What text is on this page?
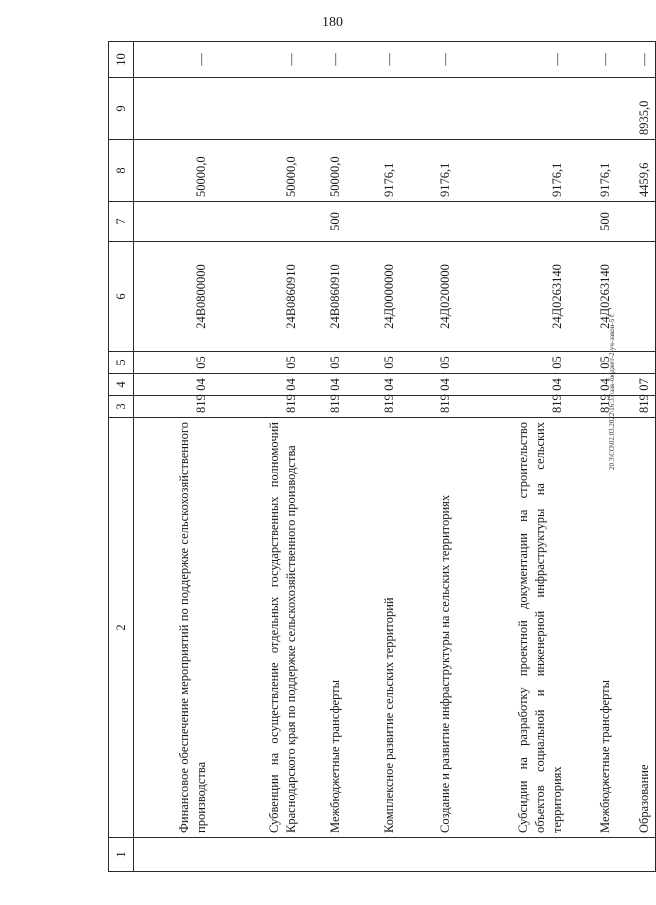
180
20.3\CO\02.03.2022\16:37\зак-бюджет-2-уч-закон-5 с
1	2	3	4	5	6	7	8	9	10
	Финансовое обеспечение мероприятий по поддержке сельскохозяйственного производства	819	04	05	24В0800000		50000,0		—
	Субвенции на осуществление отдельных государственных полномочий Краснодарского края по поддержке сельскохозяйственного производства	819	04	05	24В0860910		50000,0		—
	Межбюджетные трансферты	819	04	05	24В0860910	500	50000,0		—
	Комплексное развитие сельских территорий	819	04	05	24Д0000000		9176,1		—
	Создание и развитие инфраструктуры на сельских территориях	819	04	05	24Д0200000		9176,1		—
	Субсидии на разработку проектной документации на строительство объектов социальной и инженерной инфраструктуры на сельских территориях	819	04	05	24Д0263140		9176,1		—
	Межбюджетные трансферты	819	04	05	24Д0263140	500	9176,1		—
	Образование	819	07				4459,6	8935,0	—
